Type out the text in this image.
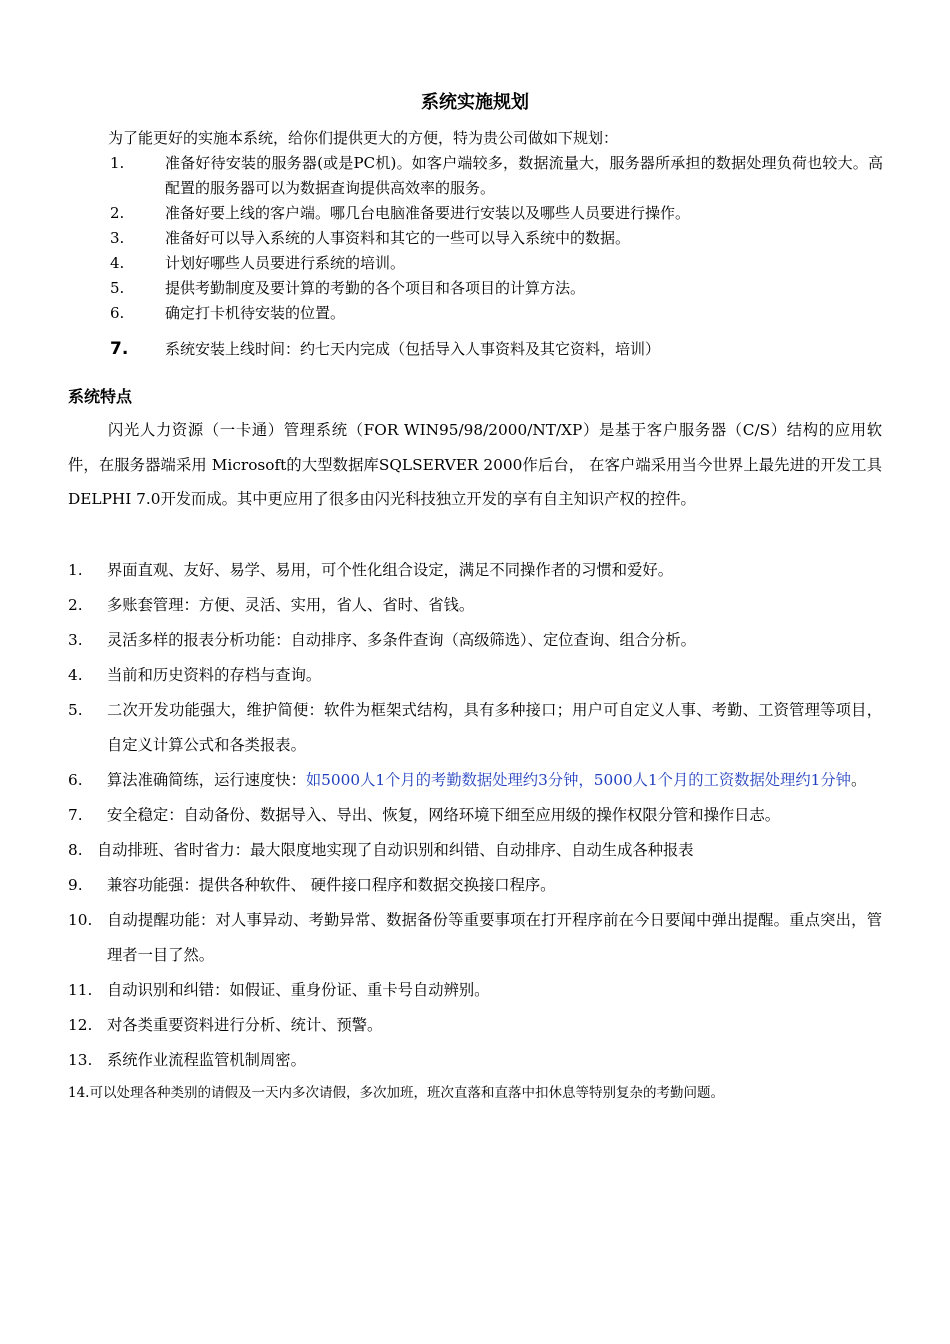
系统实施规划
为了能更好的实施本系统，给你们提供更大的方便，特为贵公司做如下规划：
1.	准备好待安装的服务器(或是PC机)。如客户端较多，数据流量大，服务器所承担的数据处理负荷也较大。高配置的服务器可以为数据查询提供高效率的服务。
2.	准备好要上线的客户端。哪几台电脑准备要进行安装以及哪些人员要进行操作。
3.	准备好可以导入系统的人事资料和其它的一些可以导入系统中的数据。
4.	计划好哪些人员要进行系统的培训。
5.	提供考勤制度及要计算的考勤的各个项目和各项目的计算方法。
6.	确定打卡机待安装的位置。
7. 系统安装上线时间：约七天内完成（包括导入人事资料及其它资料，培训）
系统特点
闪光人力资源（一卡通）管理系统（FOR WIN95/98/2000/NT/XP）是基于客户服务器（C/S）结构的应用软件，在服务器端采用 Microsoft的大型数据库SQLSERVER 2000作后台， 在客户端采用当今世界上最先进的开发工具DELPHI 7.0开发而成。其中更应用了很多由闪光科技独立开发的享有自主知识产权的控件。
1. 界面直观、友好、易学、易用，可个性化组合设定，满足不同操作者的习惯和爱好。
2. 多账套管理：方便、灵活、实用，省人、省时、省钱。
3. 灵活多样的报表分析功能：自动排序、多条件查询（高级筛选）、定位查询、组合分析。
4. 当前和历史资料的存档与查询。
5. 二次开发功能强大，维护简便：软件为框架式结构，具有多种接口；用户可自定义人事、考勤、工资管理等项目， 自定义计算公式和各类报表。
6. 算法准确简练，运行速度快：如5000人1个月的考勤数据处理约3分钟，5000人1个月的工资数据处理约1分钟。
7. 安全稳定：自动备份、数据导入、导出、恢复，网络环境下细至应用级的操作权限分管和操作日志。
8. 自动排班、省时省力：最大限度地实现了自动识别和纠错、自动排序、自动生成各种报表
9. 兼容功能强：提供各种软件、 硬件接口程序和数据交换接口程序。
10. 自动提醒功能：对人事异动、考勤异常、数据备份等重要事项在打开程序前在今日要闻中弹出提醒。重点突出，管理者一目了然。
11. 自动识别和纠错：如假证、重身份证、重卡号自动辨别。
12. 对各类重要资料进行分析、统计、预警。
13. 系统作业流程监管机制周密。
14.可以处理各种类别的请假及一天内多次请假，多次加班，班次直落和直落中扣休息等特别复杂的考勤问题。
